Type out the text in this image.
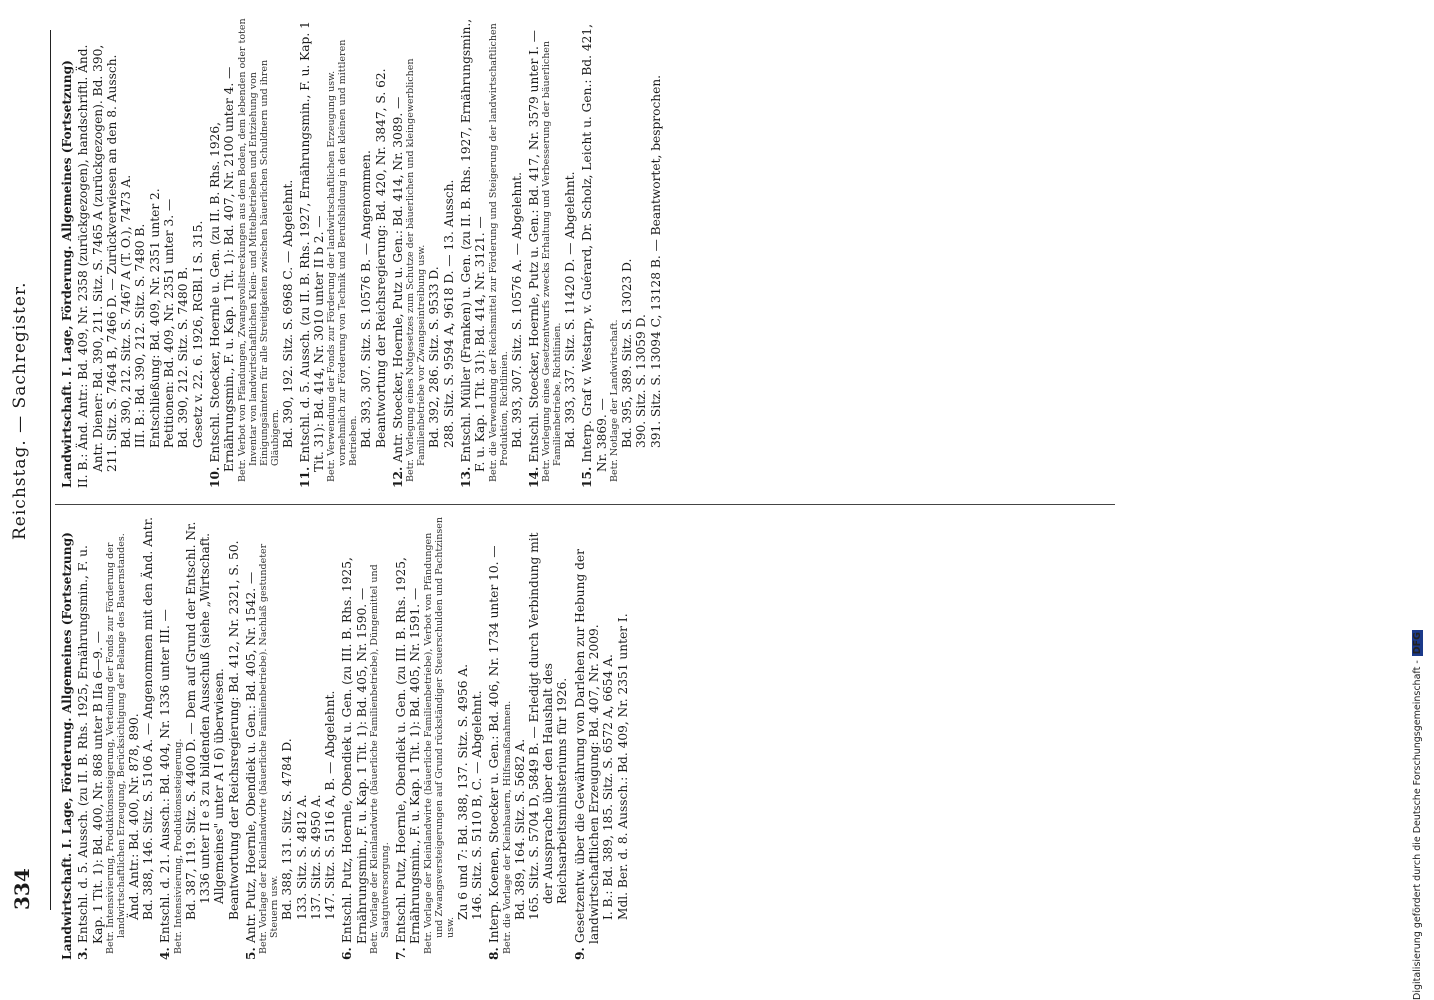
334
Reichstag. — Sachregister.
Landwirtschaft. I. Lage, Förderung. Allgemeines (Fortsetzung) 3. Entschl. d. 5. Aussch. (zu II. B. Rhs. 1925, Ernährungsmin., F. u. Kap. 1 Tit. 1): Bd. 400, Nr. 868 unter B IIa 6—9. — Betr. Intensivierung, Produktionssteigerung, Verteilung der Fonds zur Förderung der landwirtschaftlichen Erzeugung, Berücksichtigung der Belange des Bauernstandes. Änd. Antr.: Bd. 400, Nr. 878, 890. Bd. 388, 146. Sitz. S. 5106 A. — Angenommen mit den Änd. Antr.
4. Entschl. d. 21. Aussch.: Bd. 404, Nr. 1336 unter III. — Betr. Intensivierung, Produktionssteigerung. Bd. 387, 119. Sitz. S. 4400 D. — Dem auf Grund der Entschl. Nr. 1336 unter II e 3 zu bildenden Ausschuß (siehe „Wirtschaft. Allgemeines" unter A I 6) überwiesen. Beantwortung der Reichsregierung: Bd. 412, Nr. 2321, S. 50.
5. Antr. Putz, Hoernle, Obendiek u. Gen.: Bd. 405, Nr. 1542. — Betr. Vorlage der Kleinlandwirte (bäuerliche Familienbetriebe). Nachlaß gestundeter Steuern usw. Bd. 388, 131. Sitz. S. 4784 D. 133. Sitz. S. 4812 A. 137. Sitz. S. 4950 A. 147. Sitz. S. 5116 A, B. — Abgelehnt.
6. Entschl. Putz, Hoernle, Obendiek u. Gen. (zu III. B. Rhs. 1925, Ernährungsmin., F. u. Kap. 1 Tit. 1): Bd. 405, Nr. 1590. — Betr. Vorlage der Kleinlandwirte (bäuerliche Familienbetriebe), Düngemittel und Saatgutversorgung.
7. Entschl. Putz, Hoernle, Obendiek u. Gen. (zu III. B. Rhs. 1925, Ernährungsmin., F. u. Kap. 1 Tit. 1): Bd. 405, Nr. 1591. — Betr. Vorlage der Kleinlandwirte (bäuerliche Familienbetriebe), Verbot von Pfändungen und Zwangsversteigerungen auf Grund rückständiger Steuerschulden und Pachtzinsen usw.
Zu 6 und 7: Bd. 388, 137. Sitz. S. 4956 A. 146. Sitz. S. 5110 B, C. — Abgelehnt.
8. Interp. Koenen, Stoecker u. Gen.: Bd. 406, Nr. 1734 unter 10. — Betr. die Vorlage der Kleinbauern, Hilfsmaßnahmen. Bd. 389, 164. Sitz. S. 5682 A. 165. Sitz. S. 5704 D, 5849 B. — Erledigt durch Verbindung mit der Aussprache über den Haushalt des Reichsarbeitsministeriums für 1926.
9. Gesetzentw. über die Gewährung von Darlehen zur Hebung der landwirtschaftlichen Erzeugung: Bd. 407, Nr. 2009. I. B.: Bd. 389, 185. Sitz. S. 6572 A, 6654 A. Mdl. Ber. d. 8. Aussch.: Bd. 409, Nr. 2351 unter I.
Landwirtschaft. I. Lage, Förderung. Allgemeines (Fortsetzung) II. B.: Änd. Antr.: Bd. 409, Nr. 2358 (zurückgezogen), handschriftl. Änd. Antr. Diener: Bd. 390, 211. Sitz. S. 7465 A (zurückgezogen). Bd. 390, 211. Sitz. S. 7464 B, 7466 D. — Zurückverwiesen an den 8. Aussch. Bd. 390, 212. Sitz. S. 7467 A (T. O.), 7473 A. III. B.: Bd. 390, 212. Sitz. S. 7480 B. Entschließung: Bd. 409, Nr. 2351 unter 2. Petitionen: Bd. 409, Nr. 2351 unter 3. — Bd. 390, 212. Sitz. S. 7480 B. Gesetz v. 22. 6. 1926, RGBl. I S. 315.
10. Entschl. Stoecker, Hoernle u. Gen. (zu II. B. Rhs. 1926, Ernährungsmin., F. u. Kap. 1 Tit. 1): Bd. 407, Nr. 2100 unter 4. — Betr. Verbot von Pfändungen, Zwangsvollstreckungen aus dem Boden, dem lebenden oder toten Inventar von landwirtschaftlichen Klein- und Mittelbetrieben und Entziehung von Einigungsämtern für alle Streitigkeiten zwischen bäuerlichen Schuldnern und ihren Gläubigern. Bd. 390, 192. Sitz. S. 6968 C. — Abgelehnt.
11. Entschl. d. 5. Aussch. (zu II. B. Rhs. 1927, Ernährungsmin., F. u. Kap. 1 Tit. 31): Bd. 414, Nr. 3010 unter II b 2. — Betr. Verwendung der Fonds zur Förderung der landwirtschaftlichen Erzeugung usw. vornehmlich zur Förderung von Technik und Berufsbildung in den kleinen und mittleren Betrieben. Bd. 393, 307. Sitz. S. 10576 B. — Angenommen. Beantwortung der Reichsregierung: Bd. 420, Nr. 3847, S. 62.
12. Antr. Stoecker, Hoernle, Putz u. Gen.: Bd. 414, Nr. 3089. — Betr. Vorlegung eines Notgesetzes zum Schutze der bäuerlichen und kleingewerblichen Familienbetriebe vor Zwangseintreibung usw. Bd. 392, 286. Sitz. S. 9533 D. 288. Sitz. S. 9594 A, 9618 D. — 13. Aussch.
13. Entschl. Müller (Franken) u. Gen. (zu II. B. Rhs. 1927, Ernährungsmin., F. u. Kap. 1 Tit. 31): Bd. 414, Nr. 3121. — Betr. die Verwendung der Reichsmittel zur Förderung und Steigerung der landwirtschaftlichen Produktion, Richtlinien. Bd. 393, 307. Sitz. S. 10576 A. — Abgelehnt.
14. Entschl. Stoecker, Hoernle, Putz u. Gen.: Bd. 417, Nr. 3579 unter I. — Betr. Vorlegung eines Gesetzentwurfs zwecks Erhaltung und Verbesserung der bäuerlichen Familienbetriebe, Richtlinien. Bd. 393, 337. Sitz. S. 11420 D. — Abgelehnt.
15. Interp. Graf v. Westarp, v. Guérard, Dr. Scholz, Leicht u. Gen.: Bd. 421, Nr. 3869. — Betr. Notlage der Landwirtschaft. Bd. 395, 389. Sitz. S. 13023 D. 390. Sitz. S. 13059 D. 391. Sitz. S. 13094 C, 13128 B. — Beantwortet, besprochen.
Digitalisierung gefördert durch die Deutsche Forschungsgemeinschaft -DFG
